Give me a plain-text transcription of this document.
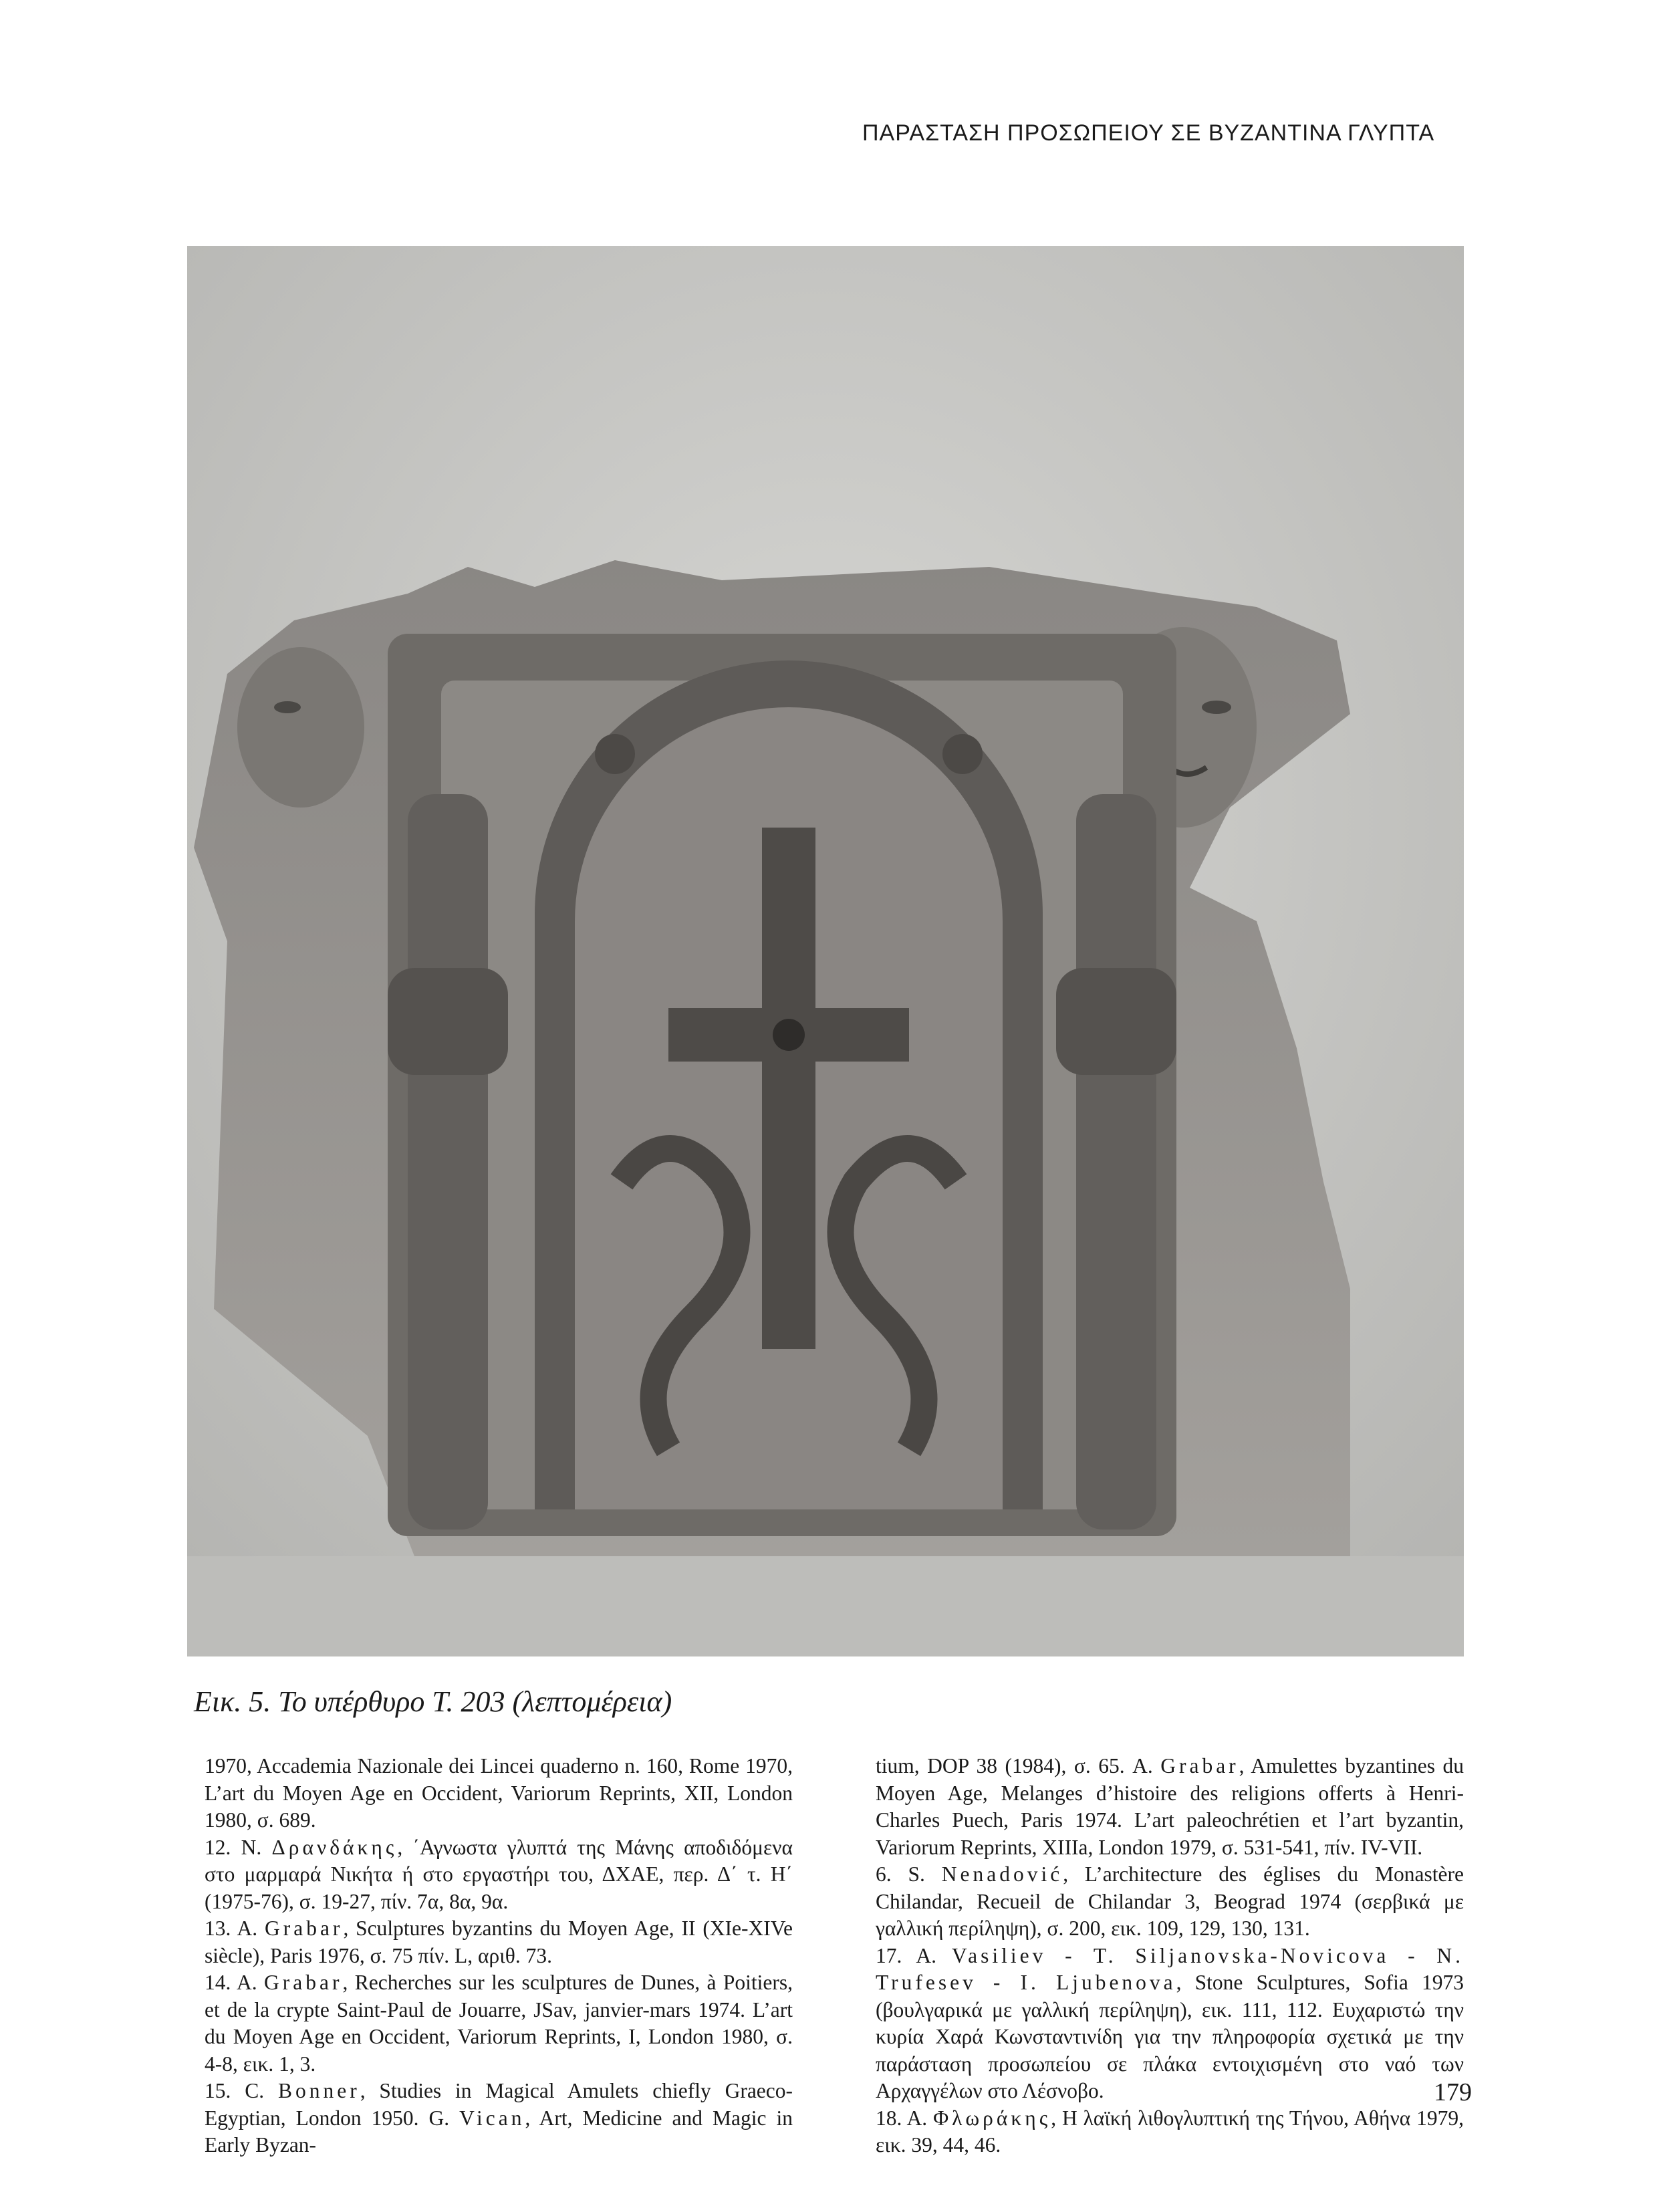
ΠΑΡΑΣΤΑΣΗ ΠΡΟΣΩΠΕΙΟΥ ΣΕ ΒΥΖΑΝΤΙΝΑ ΓΛΥΠΤΑ
Εικ. 5. Το υπέρθυρο Τ. 203 (λεπτομέρεια)

1970, Accademia Nazionale dei Lincei quaderno n. 160, Rome 1970, L’art du Moyen Age en Occident, Variorum Reprints, XII, London 1980, σ. 689.

12. N. Δρανδάκης, ΄Αγνωστα γλυπτά της Μάνης αποδιδόμενα στο μαρμαρά Νικήτα ή στο εργαστήρι του, ΔΧΑΕ, περ. Δ΄ τ. Η΄ (1975-76), σ. 19-27, πίν. 7α, 8α, 9α.

13. A. Grabar, Sculptures byzantins du Moyen Age, II (XIe-XIVe siècle), Paris 1976, σ. 75 πίν. L, αριθ. 73.

14. A. Grabar, Recherches sur les sculptures de Dunes, à Poitiers, et de la crypte Saint-Paul de Jouarre, JSav, janvier-mars 1974. L’art du Moyen Age en Occident, Variorum Reprints, I, London 1980, σ. 4-8, εικ. 1, 3.

15. C. Bonner, Studies in Magical Amulets chiefly Graeco-Egyptian, London 1950. G. Vican, Art, Medicine and Magic in Early Byzan-

tium, DOP 38 (1984), σ. 65. A. Grabar, Amulettes byzantines du Moyen Age, Melanges d’histoire des religions offerts à Henri-Charles Puech, Paris 1974. L’art paleochrétien et l’art byzantin, Variorum Reprints, XIIIa, London 1979, σ. 531-541, πίν. IV-VII.

6. S. Nenadović, L’architecture des églises du Monastère Chilandar, Recueil de Chilandar 3, Beograd 1974 (σερβικά με γαλλική περίληψη), σ. 200, εικ. 109, 129, 130, 131.

17. A. Vasiliev - T. Siljanovska-Novicova - N. Trufesev - I. Ljubenova, Stone Sculptures, Sofia 1973 (βουλγαρικά με γαλλική περίληψη), εικ. 111, 112. Ευχαριστώ την κυρία Χαρά Κωνσταντινίδη για την πληροφορία σχετικά με την παράσταση προσωπείου σε πλάκα εντοιχισμένη στο ναό των Αρχαγγέλων στο Λέσνοβο.

18. A. Φλωράκης, Η λαϊκή λιθογλυπτική της Τήνου, Αθήνα 1979, εικ. 39, 44, 46.

179
